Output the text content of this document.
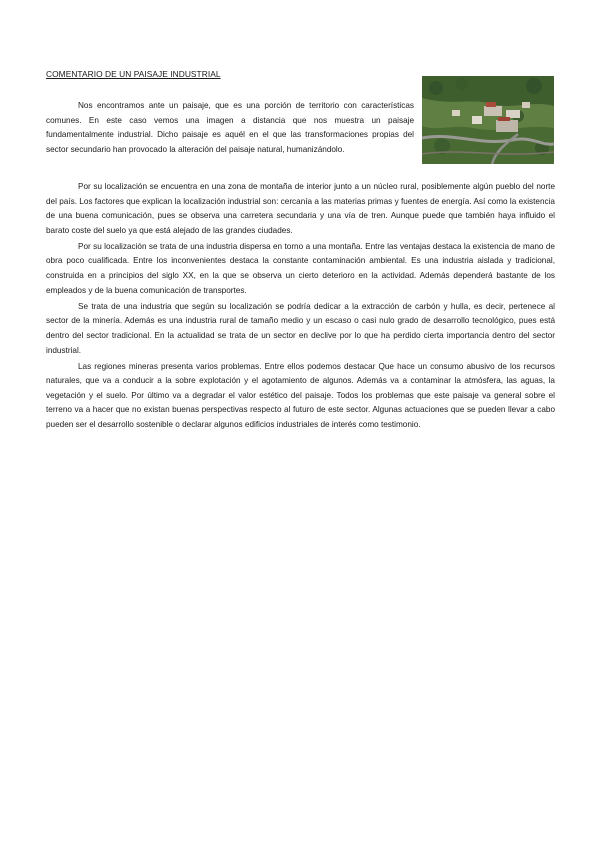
COMENTARIO DE UN PAISAJE INDUSTRIAL

Nos encontramos ante un paisaje, que es una porción de territorio con características comunes. En este caso vemos una imagen a distancia que nos muestra un paisaje fundamentalmente industrial. Dicho paisaje es aquél en el que las transformaciones propias del sector secundario han provocado la alteración del paisaje natural, humanizándolo.

Por su localización se encuentra en una zona de montaña de interior junto a un núcleo rural, posiblemente algún pueblo del norte del país. Los factores que explican la localización industrial son: cercanía a las materias primas y fuentes de energía. Así como la existencia de una buena comunicación, pues se observa una carretera secundaria y una vía de tren. Aunque puede que también haya influido el barato coste del suelo ya que está alejado de las grandes ciudades.

Por su localización se trata de una industria dispersa en torno a una montaña. Entre las ventajas destaca la existencia de mano de obra poco cualificada. Entre los inconvenientes destaca la constante contaminación ambiental. Es una industria aislada y tradicional, construida en a principios del siglo XX, en la que se observa un cierto deterioro en la actividad. Además dependerá bastante de los empleados y de la buena comunicación de transportes.

Se trata de una industria que según su localización se podría dedicar a la extracción de carbón y hulla, es decir, pertenece al sector de la minería. Además es una industria rural de tamaño medio y un escaso o casi nulo grado de desarrollo tecnológico, pues está dentro del sector tradicional. En la actualidad se trata de un sector en declive por lo que ha perdido cierta importancia dentro del sector industrial.

Las regiones mineras presenta varios problemas. Entre ellos podemos destacar Que hace un consumo abusivo de los recursos naturales, que va a conducir a la sobre explotación y el agotamiento de algunos. Además va a contaminar la atmósfera, las aguas, la vegetación y el suelo. Por último va a degradar el valor estético del paisaje. Todos los problemas que este paisaje va general sobre el terreno va a hacer que no existan buenas perspectivas respecto al futuro de este sector. Algunas actuaciones que se pueden llevar a cabo pueden ser el desarrollo sostenible o declarar algunos edificios industriales de interés como testimonio.
